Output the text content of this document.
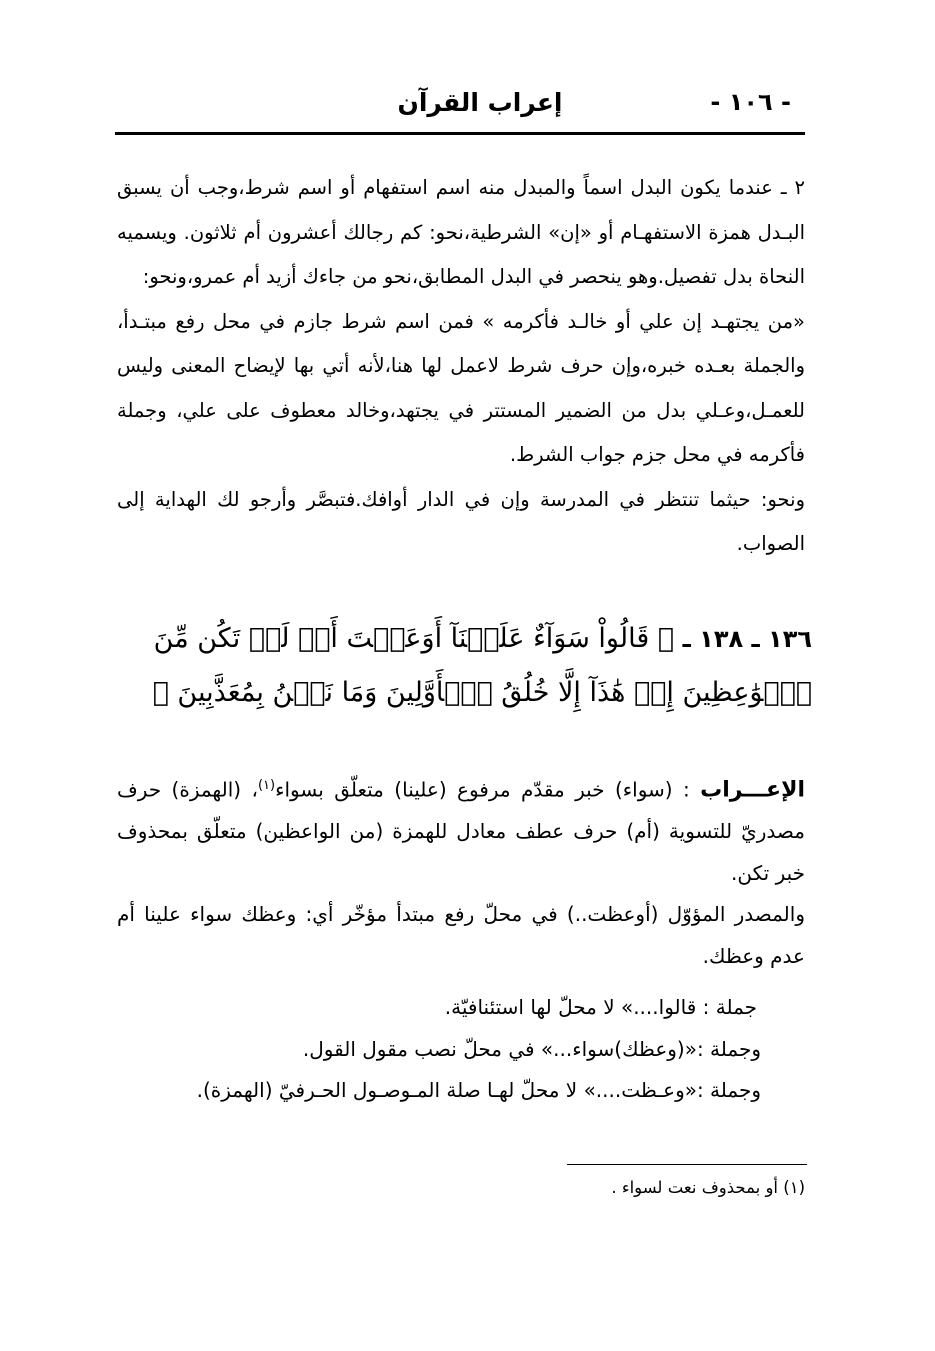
- ١٠٦ -
إعراب القرآن

٢ ـ عندما يكون البدل اسماً والمبدل منه اسم استفهام أو اسم شرط،وجب أن يسبق البـدل همزة الاستفهـام أو «إن» الشرطية،نحو: كم رجالك أعشرون أم ثلاثون. ويسميه النحاة بدل تفصيل.وهو ينحصر في البدل المطابق،نحو من جاءك أزيد أم عمرو،ونحو:

«من يجتهـد إن علي أو خالـد فأكرمه » فمن اسم شرط جازم في محل رفع مبتـدأ، والجملة بعـده خبره،وإن حرف شرط لاعمل لها هنا،لأنه أتي بها لإيضاح المعنى وليس للعمـل،وعـلي بدل من الضمير المستتر في يجتهد،وخالد معطوف على علي، وجملة فأكرمه في محل جزم جواب الشرط.

ونحو: حيثما تنتظر في المدرسة وإن في الدار أوافك.فتبصَّر وأرجو لك الهداية إلى الصواب.

١٣٦ ـ ١٣٨ ـ ﴿ قَالُواْ سَوَآءٌ عَلَيۡنَآ أَوَعَظۡتَ أَمۡ لَمۡ تَكُن مِّنَ
ٱلۡوَٰعِظِينَ إِنۡ هَٰذَآ إِلَّا خُلُقُ ٱلۡأَوَّلِينَ وَمَا نَحۡنُ بِمُعَذَّبِينَ ﴾

الإعـــراب : (سواء) خبر مقدّم مرفوع (علينا) متعلّق بسواء$^{(١)}$، (الهمزة) حرف مصدريّ للتسوية (أم) حرف عطف معادل للهمزة (من الواعظين) متعلّق بمحذوف خبر تكن.

والمصدر المؤوّل (أوعظت..) في محلّ رفع مبتدأ مؤخّر أي: وعظك سواء علينا أم عدم وعظك.

جملة : قالوا....» لا محلّ لها استئنافيّة.

وجملة :«(وعظك)سواء...» في محلّ نصب مقول القول.

وجملة :«وعـظت....» لا محلّ لهـا صلة المـوصـول الحـرفيّ (الهمزة).

(١) أو بمحذوف نعت لسواء .
